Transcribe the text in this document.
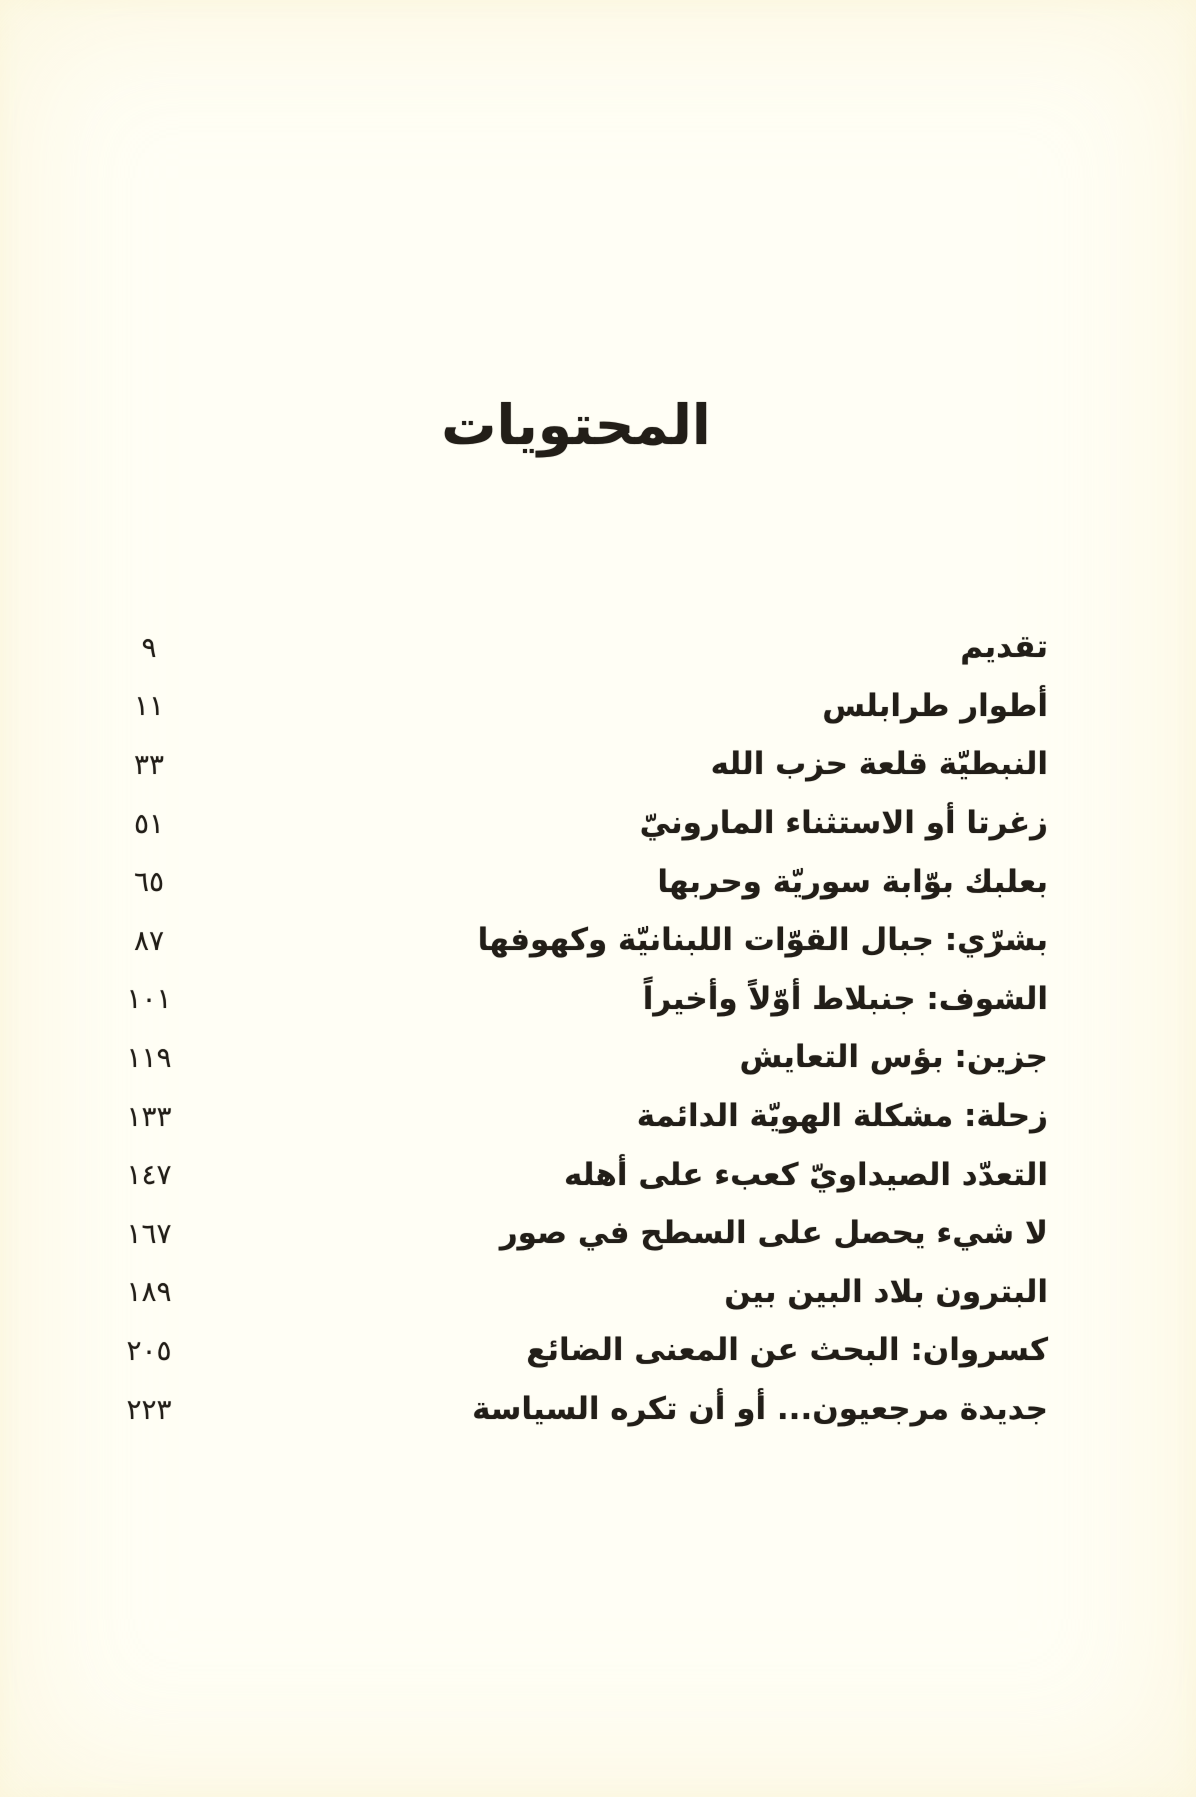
المحتويات
تقديم
٩
أطوار طرابلس
١١
النبطيّة قلعة حزب الله
٣٣
زغرتا أو الاستثناء المارونيّ
٥١
بعلبك بوّابة سوريّة وحربها
٦٥
بشرّي: جبال القوّات اللبنانيّة وكهوفها
٨٧
الشوف: جنبلاط أوّلاً وأخيراً
١٠١
جزين: بؤس التعايش
١١٩
زحلة: مشكلة الهويّة الدائمة
١٣٣
التعدّد الصيداويّ كعبء على أهله
١٤٧
لا شيء يحصل على السطح في صور
١٦٧
البترون بلاد البين بين
١٨٩
كسروان: البحث عن المعنى الضائع
٢٠٥
جديدة مرجعيون... أو أن تكره السياسة
٢٢٣
